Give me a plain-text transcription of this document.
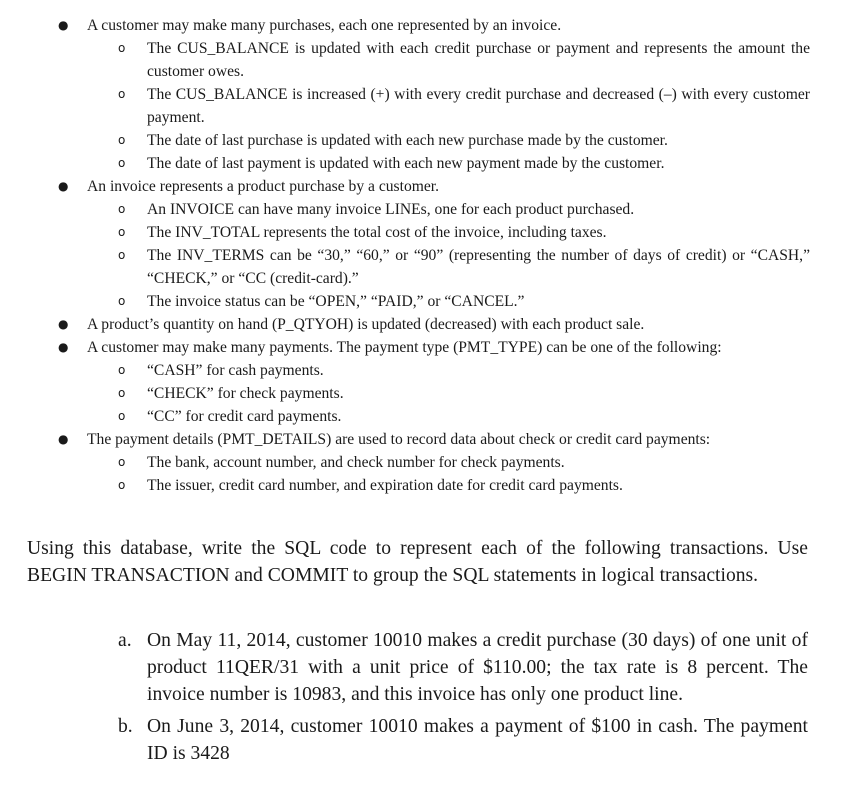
● A customer may make many purchases, each one represented by an invoice.
o The CUS_BALANCE is updated with each credit purchase or payment and represents the amount the customer owes.
o The CUS_BALANCE is increased (+) with every credit purchase and decreased (–) with every customer payment.
o The date of last purchase is updated with each new purchase made by the customer.
o The date of last payment is updated with each new payment made by the customer.
● An invoice represents a product purchase by a customer.
o An INVOICE can have many invoice LINEs, one for each product purchased.
o The INV_TOTAL represents the total cost of the invoice, including taxes.
o The INV_TERMS can be “30,” “60,” or “90” (representing the number of days of credit) or “CASH,” “CHECK,” or “CC (credit-card).”
o The invoice status can be “OPEN,” “PAID,” or “CANCEL.”
● A product’s quantity on hand (P_QTYOH) is updated (decreased) with each product sale.
● A customer may make many payments. The payment type (PMT_TYPE) can be one of the following:
o “CASH” for cash payments.
o “CHECK” for check payments.
o “CC” for credit card payments.
● The payment details (PMT_DETAILS) are used to record data about check or credit card payments:
o The bank, account number, and check number for check payments.
o The issuer, credit card number, and expiration date for credit card payments.

Using this database, write the SQL code to represent each of the following transactions. Use BEGIN TRANSACTION and COMMIT to group the SQL statements in logical transactions.

a. On May 11, 2014, customer 10010 makes a credit purchase (30 days) of one unit of product 11QER/31 with a unit price of $110.00; the tax rate is 8 percent. The invoice number is 10983, and this invoice has only one product line.
b. On June 3, 2014, customer 10010 makes a payment of $100 in cash. The payment ID is 3428
